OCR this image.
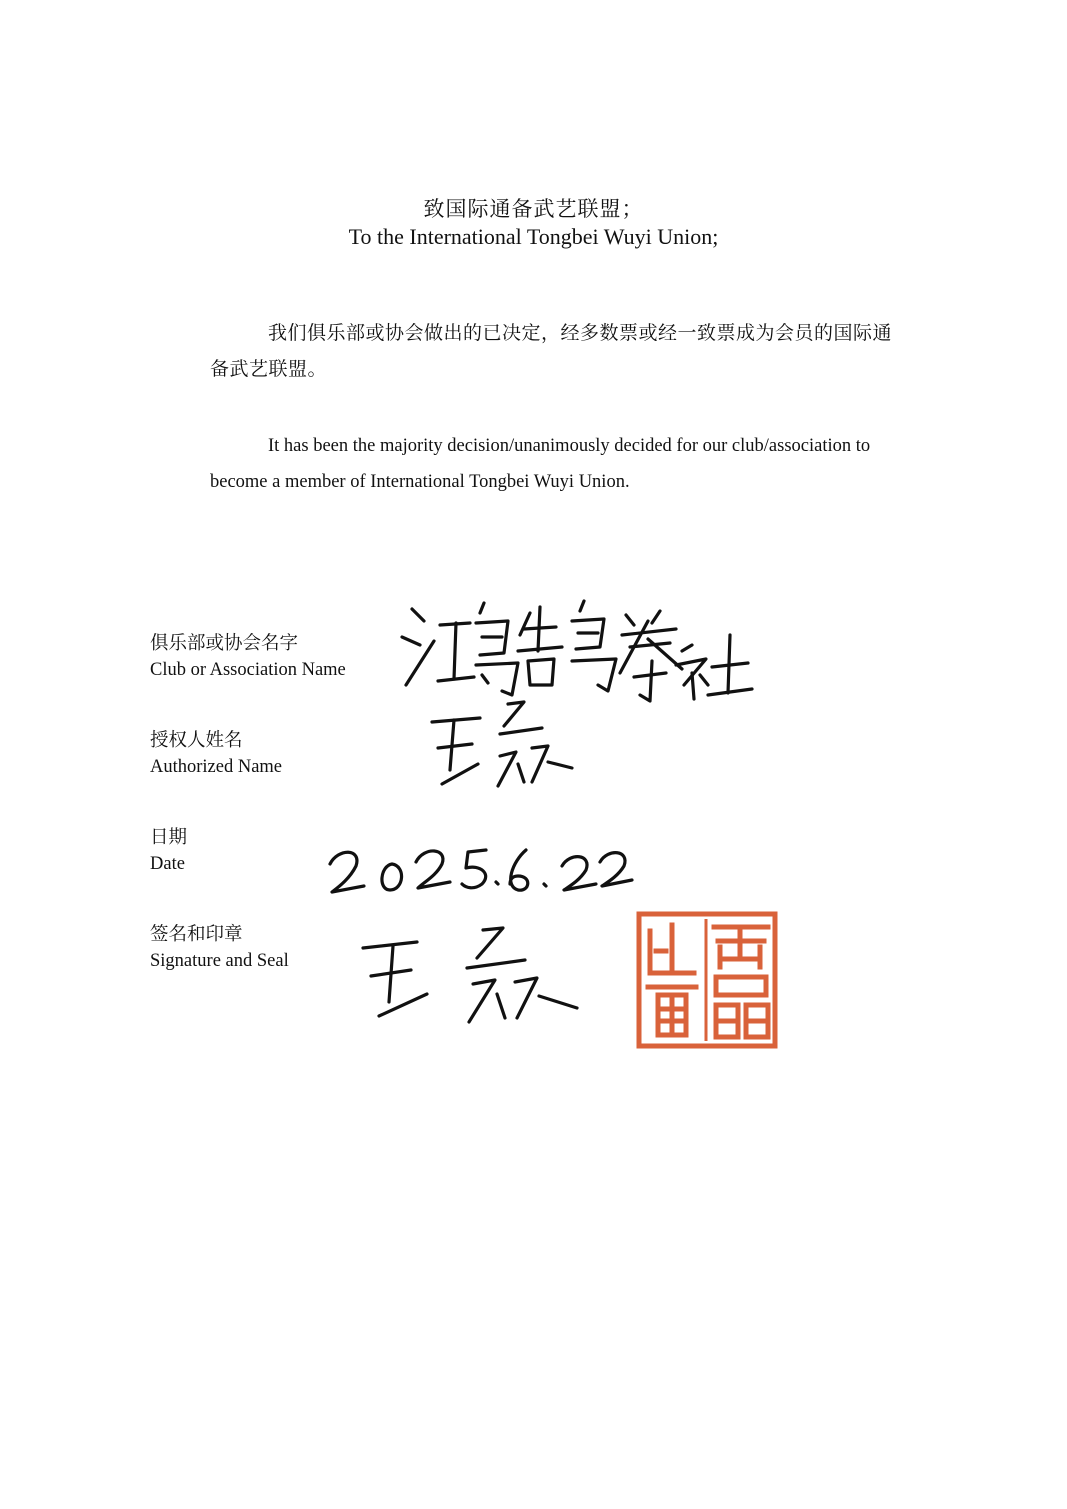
致国际通备武艺联盟；
To the International Tongbei Wuyi Union;
我们俱乐部或协会做出的已决定，经多数票或经一致票成为会员的国际通备武艺联盟。
It has been the majority decision/unanimously decided for our club/association to become a member of International Tongbei Wuyi Union.
俱乐部或协会名字
Club or Association Name
授权人姓名
Authorized Name
日期
Date
签名和印章
Signature and Seal
